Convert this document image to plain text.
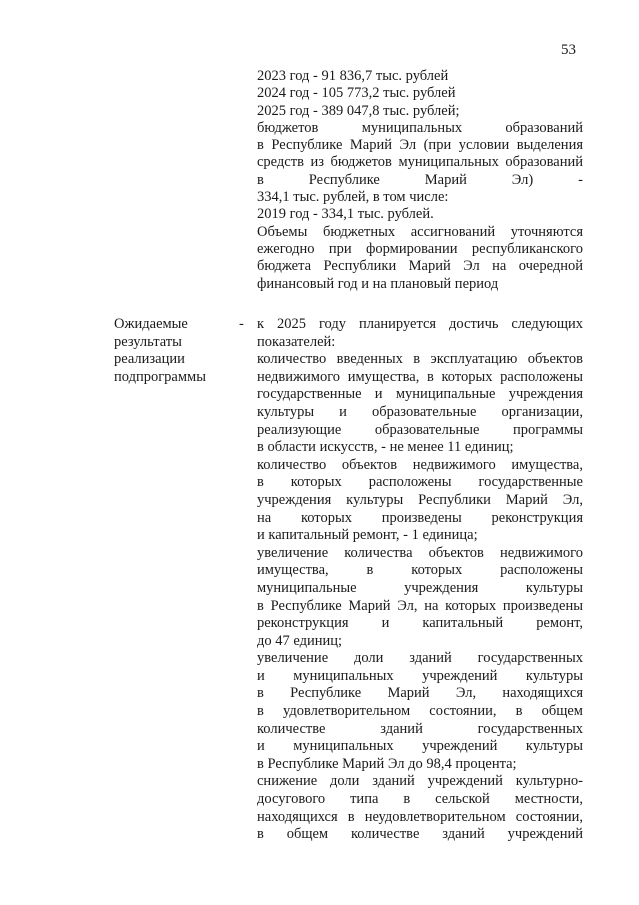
53

2023 год - 91 836,7 тыс. рублей

2024 год - 105 773,2 тыс. рублей

2025 год - 389 047,8 тыс. рублей;

бюджетов муниципальных образований

в Республике Марий Эл (при условии выделения

средств из бюджетов муниципальных образований

в Республике Марий Эл) -

334,1 тыс. рублей, в том числе:

2019 год - 334,1 тыс. рублей.

Объемы бюджетных ассигнований уточняются

ежегодно при формировании республиканского

бюджета Республики Марий Эл на очередной

финансовый год и на плановый период

Ожидаемые

результаты

реализации

подпрограммы

- к 2025 году планируется достичь следующих

показателей:

количество введенных в эксплуатацию объектов

недвижимого имущества, в которых расположены

государственные и муниципальные учреждения

культуры и образовательные организации,

реализующие образовательные программы

в области искусств, - не менее 11 единиц;

количество объектов недвижимого имущества,

в которых расположены государственные

учреждения культуры Республики Марий Эл,

на которых произведены реконструкция

и капитальный ремонт, - 1 единица;

увеличение количества объектов недвижимого

имущества, в которых расположены

муниципальные учреждения культуры

в Республике Марий Эл, на которых произведены

реконструкция и капитальный ремонт,

до 47 единиц;

увеличение доли зданий государственных

и муниципальных учреждений культуры

в Республике Марий Эл, находящихся

в удовлетворительном состоянии, в общем

количестве зданий государственных

и муниципальных учреждений культуры

в Республике Марий Эл до 98,4 процента;

снижение доли зданий учреждений культурно-

досугового типа в сельской местности,

находящихся в неудовлетворительном состоянии,

в общем количестве зданий учреждений
